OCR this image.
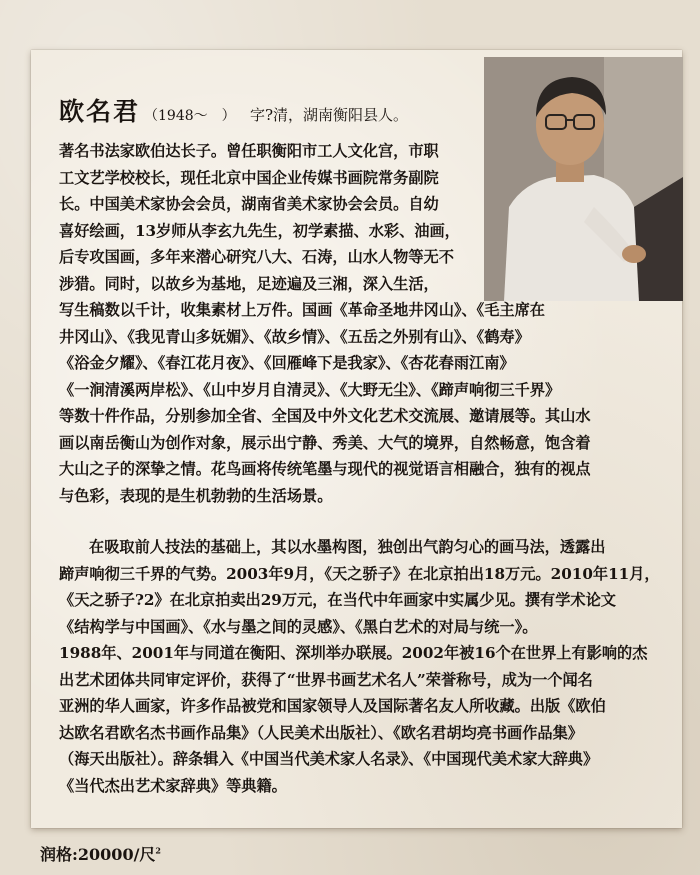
欧名君 （1948～　） 字?清，湖南衡阳县人。
著名书法家欧伯达长子。曾任职衡阳市工人文化宫，市职
工文艺学校校长，现任北京中国企业传媒书画院常务副院
长。中国美术家协会会员，湖南省美术家协会会员。自幼
喜好绘画，13岁师从李玄九先生，初学素描、水彩、油画，
后专攻国画，多年来潜心研究八大、石涛，山水人物等无不
涉猎。同时，以故乡为基地，足迹遍及三湘，深入生活，
写生稿数以千计，收集素材上万件。国画《革命圣地井冈山》、《毛主席在
井冈山》、《我见青山多妩媚》、《故乡情》、《五岳之外别有山》、《鹤寿》
《浴金夕耀》、《春江花月夜》、《回雁峰下是我家》、《杏花春雨江南》
《一涧清溪两岸松》、《山中岁月自清灵》、《大野无尘》、《蹄声响彻三千界》
等数十件作品，分别参加全省、全国及中外文化艺术交流展、邀请展等。其山水
画以南岳衡山为创作对象，展示出宁静、秀美、大气的境界，自然畅意，饱含着
大山之子的深挚之情。花鸟画将传统笔墨与现代的视觉语言相融合，独有的视点
与色彩，表现的是生机勃勃的生活场景。
在吸取前人技法的基础上，其以水墨构图，独创出气韵匀心的画马法，透露出
蹄声响彻三千界的气势。2003年9月，《天之骄子》在北京拍出18万元。2010年11月，
《天之骄子?2》在北京拍卖出29万元，在当代中年画家中实属少见。撰有学术论文
《结构学与中国画》、《水与墨之间的灵感》、《黑白艺术的对局与统一》。
1988年、2001年与同道在衡阳、深圳举办联展。2002年被16个在世界上有影响的杰
出艺术团体共同审定评价，获得了“世界书画艺术名人”荣誉称号，成为一个闻名
亚洲的华人画家，许多作品被党和国家领导人及国际著名友人所收藏。出版《欧伯
达欧名君欧名杰书画作品集》（人民美术出版社）、《欧名君胡均亮书画作品集》
（海天出版社）。辞条辑入《中国当代美术家人名录》、《中国现代美术家大辞典》
《当代杰出艺术家辞典》等典籍。
润格:20000/尺$^2$
